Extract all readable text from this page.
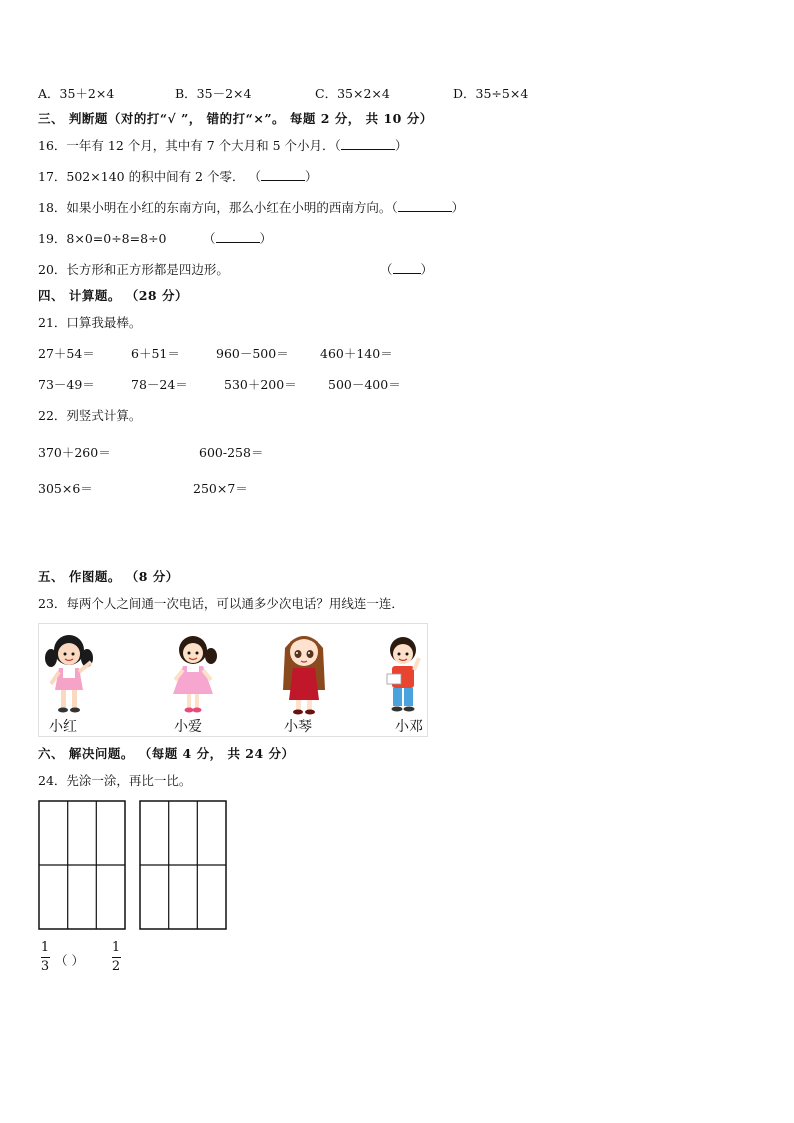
A．35＋2×4	B．35－2×4	C．35×2×4	D．35÷5×4
三、 判断题（对的打“√ ”， 错的打“×”。 每题 2 分， 共 10 分）
16．一年有 12 个月，其中有 7 个大月和 5 个小月．（	）
17．502×140 的积中间有 2 个零． （	）
18．如果小明在小红的东南方向，那么小红在小明的西南方向。（	）
19．8×0=0÷8=8÷0	（	）
20．长方形和正方形都是四边形。	（ ）
四、 计算题。 （28 分）
21．口算我最棒。
27＋54＝	6＋51＝	960－500＝	460＋140＝
73－49＝	78－24＝	530＋200＝	500－400＝
22．列竖式计算。
370＋260＝	600-258＝
305×6＝	250×7＝
五、 作图题。 （8 分）
23．每两个人之间通一次电话，可以通多少次电话？用线连一连．
小红	小爱	小琴	小邓
六、 解决问题。 （每题 4 分， 共 24 分）
24．先涂一涂，再比一比。
1
3 （ ）
1
2
